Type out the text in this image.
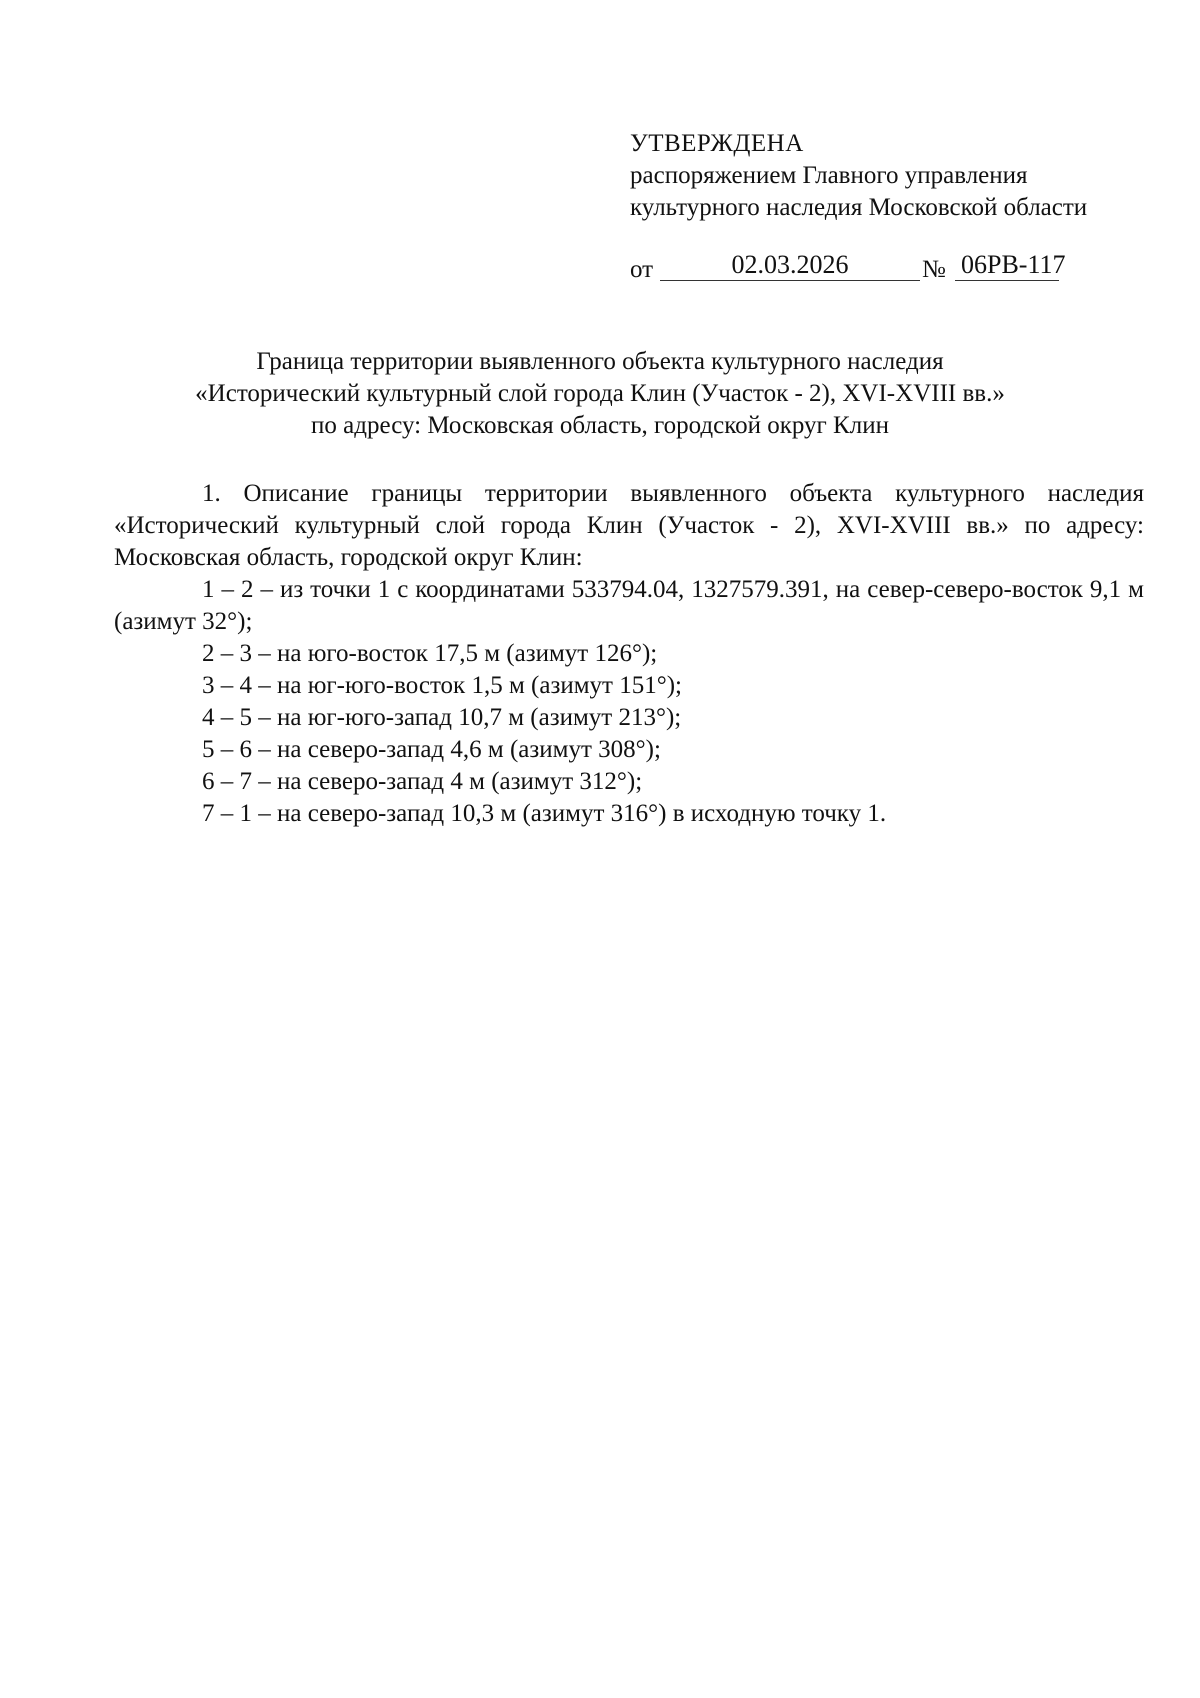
УТВЕРЖДЕНА
распоряжением Главного управления
культурного наследия Московской области
от	02.03.2026	№ 06РВ-117
Граница территории выявленного объекта культурного наследия
«Исторический культурный слой города Клин (Участок - 2), XVI-XVIII вв.»
по адресу: Московская область, городской округ Клин

1. Описание границы территории выявленного объекта культурного наследия «Исторический культурный слой города Клин (Участок - 2), XVI-XVIII вв.» по адресу: Московская область, городской округ Клин:

1 – 2 – из точки 1 с координатами 533794.04, 1327579.391, на север-северо-восток 9,1 м (азимут 32°);

2 – 3 – на юго-восток 17,5 м (азимут 126°);

3 – 4 – на юг-юго-восток 1,5 м (азимут 151°);

4 – 5 – на юг-юго-запад 10,7 м (азимут 213°);

5 – 6 – на северо-запад 4,6 м (азимут 308°);

6 – 7 – на северо-запад 4 м (азимут 312°);

7 – 1 – на северо-запад 10,3 м (азимут 316°) в исходную точку 1.
